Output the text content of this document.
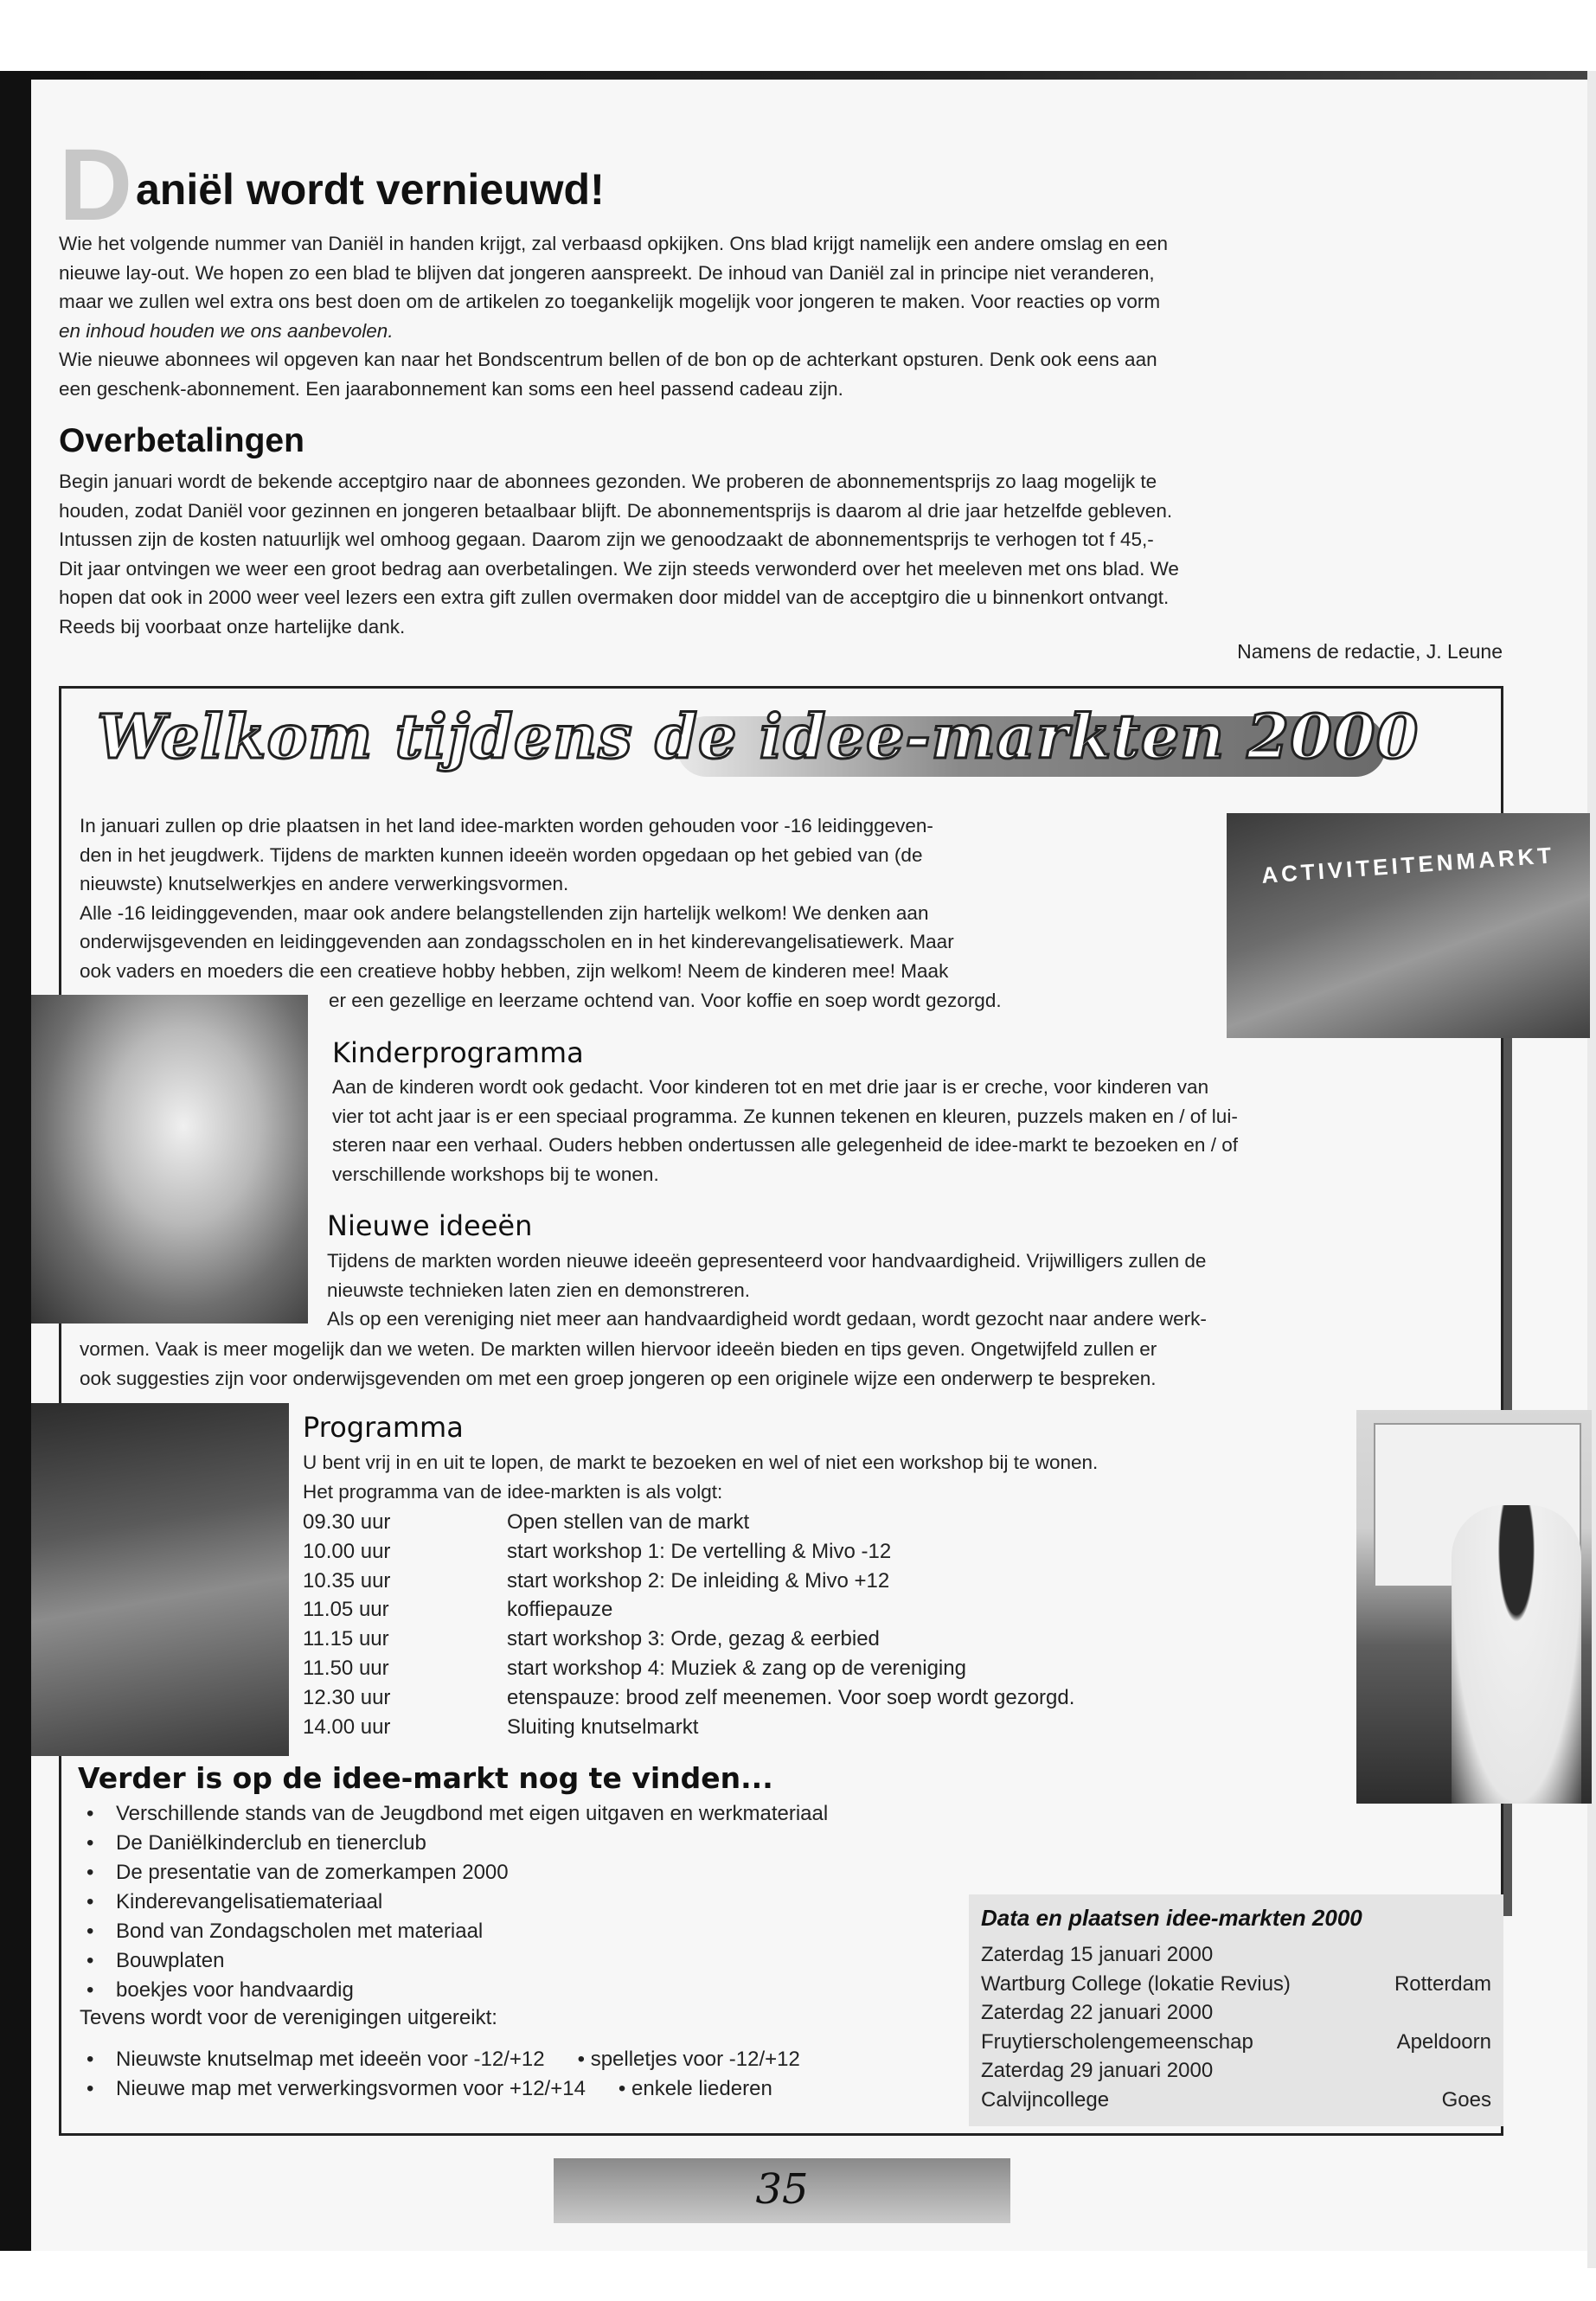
D aniël wordt vernieuwd!
Wie het volgende nummer van Daniël in handen krijgt, zal verbaasd opkijken. Ons blad krijgt namelijk een andere omslag en een
nieuwe lay-out. We hopen zo een blad te blijven dat jongeren aanspreekt. De inhoud van Daniël zal in principe niet veranderen,
maar we zullen wel extra ons best doen om de artikelen zo toegankelijk mogelijk voor jongeren te maken. Voor reacties op vorm
en inhoud houden we ons aanbevolen.
Wie nieuwe abonnees wil opgeven kan naar het Bondscentrum bellen of de bon op de achterkant opsturen. Denk ook eens aan
een geschenk-abonnement. Een jaarabonnement kan soms een heel passend cadeau zijn.
Overbetalingen
Begin januari wordt de bekende acceptgiro naar de abonnees gezonden. We proberen de abonnementsprijs zo laag mogelijk te
houden, zodat Daniël voor gezinnen en jongeren betaalbaar blijft. De abonnementsprijs is daarom al drie jaar hetzelfde gebleven.
Intussen zijn de kosten natuurlijk wel omhoog gegaan. Daarom zijn we genoodzaakt de abonnementsprijs te verhogen tot f 45,-
Dit jaar ontvingen we weer een groot bedrag aan overbetalingen. We zijn steeds verwonderd over het meeleven met ons blad. We
hopen dat ook in 2000 weer veel lezers een extra gift zullen overmaken door middel van de acceptgiro die u binnenkort ontvangt.
Reeds bij voorbaat onze hartelijke dank.
Namens de redactie, J. Leune
Welkom tijdens de idee-markten 2000
ACTIVITEITENMARKT
In januari zullen op drie plaatsen in het land idee-markten worden gehouden voor -16 leidinggeven-
den in het jeugdwerk. Tijdens de markten kunnen ideeën worden opgedaan op het gebied van (de
nieuwste) knutselwerkjes en andere verwerkingsvormen.
Alle -16 leidinggevenden, maar ook andere belangstellenden zijn hartelijk welkom! We denken aan
onderwijsgevenden en leidinggevenden aan zondagsscholen en in het kinderevangelisatiewerk. Maar
ook vaders en moeders die een creatieve hobby hebben, zijn welkom! Neem de kinderen mee! Maak
er een gezellige en leerzame ochtend van. Voor koffie en soep wordt gezorgd.
Kinderprogramma
Aan de kinderen wordt ook gedacht. Voor kinderen tot en met drie jaar is er creche, voor kinderen van
vier tot acht jaar is er een speciaal programma. Ze kunnen tekenen en kleuren, puzzels maken en / of lui-
steren naar een verhaal. Ouders hebben ondertussen alle gelegenheid de idee-markt te bezoeken en / of
verschillende workshops bij te wonen.
Nieuwe ideeën
Tijdens de markten worden nieuwe ideeën gepresenteerd voor handvaardigheid. Vrijwilligers zullen de
nieuwste technieken laten zien en demonstreren.
Als op een vereniging niet meer aan handvaardigheid wordt gedaan, wordt gezocht naar andere werk-
vormen. Vaak is meer mogelijk dan we weten. De markten willen hiervoor ideeën bieden en tips geven. Ongetwijfeld zullen er
ook suggesties zijn voor onderwijsgevenden om met een groep jongeren op een originele wijze een onderwerp te bespreken.
Programma
U bent vrij in en uit te lopen, de markt te bezoeken en wel of niet een workshop bij te wonen.
Het programma van de idee-markten is als volgt:
09.30 uur	Open stellen van de markt
10.00 uur	start workshop 1: De vertelling & Mivo -12
10.35 uur	start workshop 2: De inleiding & Mivo +12
11.05 uur	koffiepauze
11.15 uur	start workshop 3: Orde, gezag & eerbied
11.50 uur	start workshop 4: Muziek & zang op de vereniging
12.30 uur	etenspauze: brood zelf meenemen. Voor soep wordt gezorgd.
14.00 uur	Sluiting knutselmarkt
Verder is op de idee-markt nog te vinden...
• Verschillende stands van de Jeugdbond met eigen uitgaven en werkmateriaal
• De Daniëlkinderclub en tienerclub
• De presentatie van de zomerkampen 2000
• Kinderevangelisatiemateriaal
• Bond van Zondagscholen met materiaal
• Bouwplaten
• boekjes voor handvaardig
Tevens wordt voor de verenigingen uitgereikt:
• Nieuwste knutselmap met ideeën voor -12/+12 • spelletjes voor -12/+12
• Nieuwe map met verwerkingsvormen voor +12/+14 • enkele liederen
Data en plaatsen idee-markten 2000
Zaterdag 15 januari 2000
Wartburg College (lokatie Revius)	Rotterdam
Zaterdag 22 januari 2000
Fruytierscholengemeenschap	Apeldoorn
Zaterdag 29 januari 2000
Calvijncollege	Goes
35
